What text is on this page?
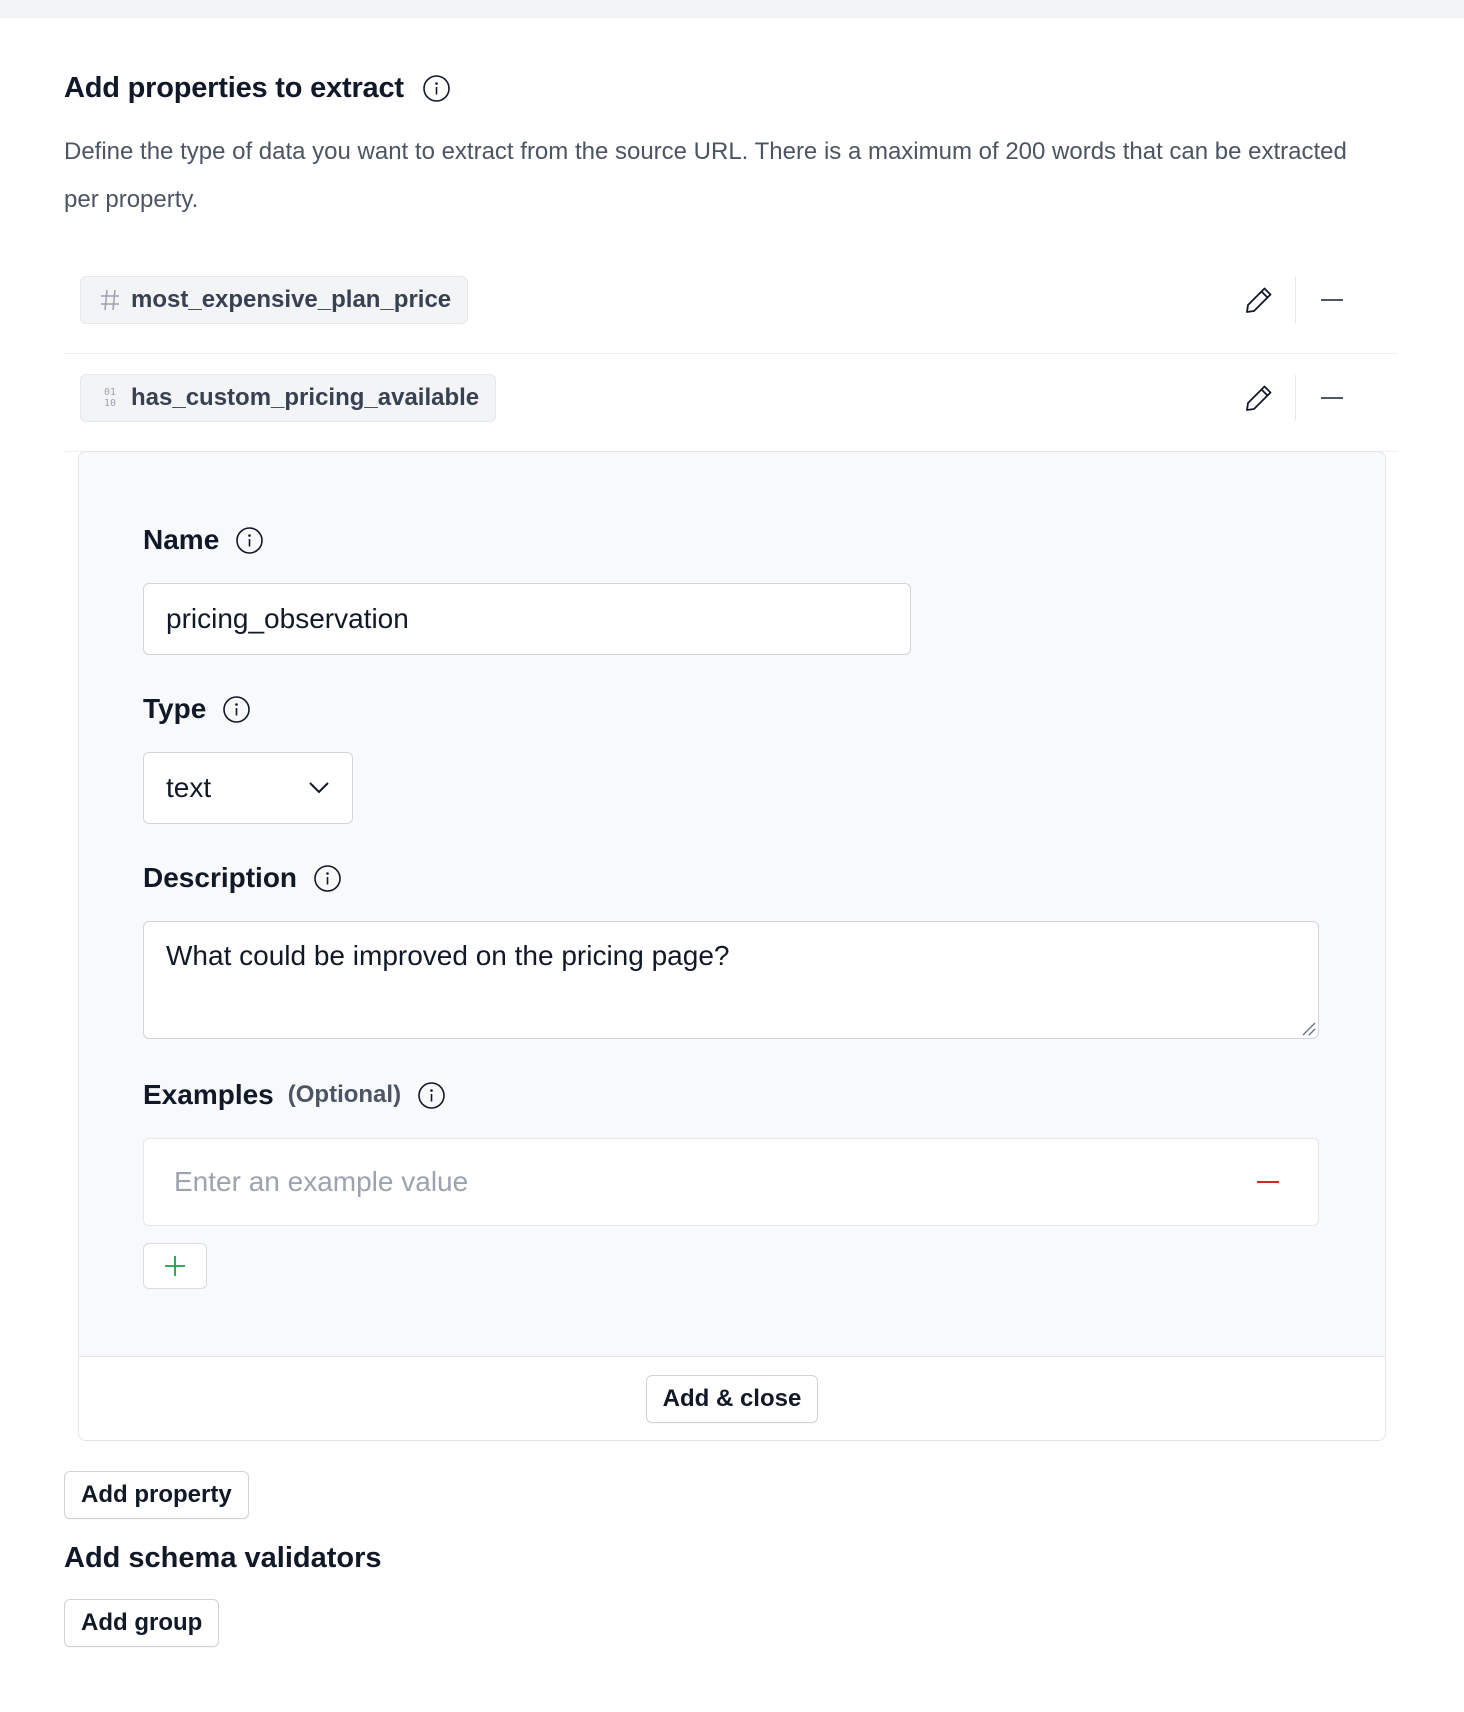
Add properties to extract

Define the type of data you want to extract from the source URL. There is a maximum of 200 words that can be extracted per property.

most_expensive_plan_price
01
10 has_custom_pricing_available
Name
pricing_observation
Type
text
Description
What could be improved on the pricing page?
Examples (Optional)
Enter an example value
Add & close
Add property
Add schema validators
Add group
